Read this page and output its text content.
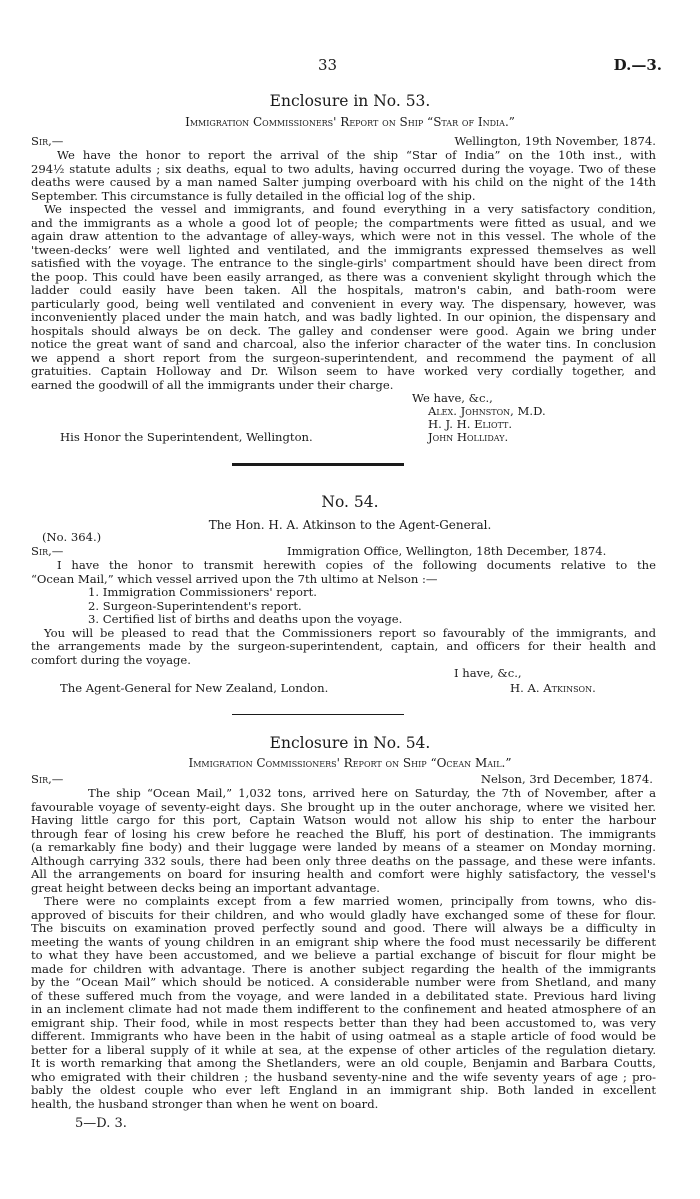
33	D.—3.
Enclosure in No. 53.
Immigration Commissioners' Report on Ship “Star of India.”
Sir,—	Wellington, 19th November, 1874.
We have the honor to report the arrival of the ship “Star of India” on the 10th inst., with
294½ statute adults ; six deaths, equal to two adults, having occurred during the voyage. Two of these
deaths were caused by a man named Salter jumping overboard with his child on the night of the 14th
September. This circumstance is fully detailed in the official log of the ship.
We inspected the vessel and immigrants, and found everything in a very satisfactory condition,
and the immigrants as a whole a good lot of people; the compartments were fitted as usual, and we
again draw attention to the advantage of alley-ways, which were not in this vessel. The whole of the
'tween-decks’ were well lighted and ventilated, and the immigrants expressed themselves as well
satisfied with the voyage. The entrance to the single-girls' compartment should have been direct from
the poop. This could have been easily arranged, as there was a convenient skylight through which the
ladder could easily have been taken. All the hospitals, matron's cabin, and bath-room were
particularly good, being well ventilated and convenient in every way. The dispensary, however, was
inconveniently placed under the main hatch, and was badly lighted. In our opinion, the dispensary and
hospitals should always be on deck. The galley and condenser were good. Again we bring under
notice the great want of sand and charcoal, also the inferior character of the water tins. In conclusion
we append a short report from the surgeon-superintendent, and recommend the payment of all
gratuities. Captain Holloway and Dr. Wilson seem to have worked very cordially together, and
earned the goodwill of all the immigrants under their charge.
We have, &c.,
Alex. Johnston, M.D.
H. J. H. Eliott.
John Holliday.
His Honor the Superintendent, Wellington.
No. 54.
The Hon. H. A. Atkinson to the Agent-General.
(No. 364.)
Sir,—	Immigration Office, Wellington, 18th December, 1874.
I have the honor to transmit herewith copies of the following documents relative to the
“Ocean Mail,” which vessel arrived upon the 7th ultimo at Nelson :—
1. Immigration Commissioners' report.
2. Surgeon-Superintendent's report.
3. Certified list of births and deaths upon the voyage.
You will be pleased to read that the Commissioners report so favourably of the immigrants, and
the arrangements made by the surgeon-superintendent, captain, and officers for their health and
comfort during the voyage.
I have, &c.,
H. A. Atkinson.
The Agent-General for New Zealand, London.
Enclosure in No. 54.
Immigration Commissioners' Report on Ship “Ocean Mail.”
Sir,—	Nelson, 3rd December, 1874.
The ship “Ocean Mail,” 1,032 tons, arrived here on Saturday, the 7th of November, after a
favourable voyage of seventy-eight days. She brought up in the outer anchorage, where we visited her.
Having little cargo for this port, Captain Watson would not allow his ship to enter the harbour
through fear of losing his crew before he reached the Bluff, his port of destination. The immigrants
(a remarkably fine body) and their luggage were landed by means of a steamer on Monday morning.
Although carrying 332 souls, there had been only three deaths on the passage, and these were infants.
All the arrangements on board for insuring health and comfort were highly satisfactory, the vessel's
great height between decks being an important advantage.
There were no complaints except from a few married women, principally from towns, who dis-
approved of biscuits for their children, and who would gladly have exchanged some of these for flour.
The biscuits on examination proved perfectly sound and good. There will always be a difficulty in
meeting the wants of young children in an emigrant ship where the food must necessarily be different
to what they have been accustomed, and we believe a partial exchange of biscuit for flour might be
made for children with advantage. There is another subject regarding the health of the immigrants
by the “Ocean Mail” which should be noticed. A considerable number were from Shetland, and many
of these suffered much from the voyage, and were landed in a debilitated state. Previous hard living
in an inclement climate had not made them indifferent to the confinement and heated atmosphere of an
emigrant ship. Their food, while in most respects better than they had been accustomed to, was very
different. Immigrants who have been in the habit of using oatmeal as a staple article of food would be
better for a liberal supply of it while at sea, at the expense of other articles of the regulation dietary.
It is worth remarking that among the Shetlanders, were an old couple, Benjamin and Barbara Coutts,
who emigrated with their children ; the husband seventy-nine and the wife seventy years of age ; pro-
bably the oldest couple who ever left England in an immigrant ship. Both landed in excellent
health, the husband stronger than when he went on board.
5—D. 3.
